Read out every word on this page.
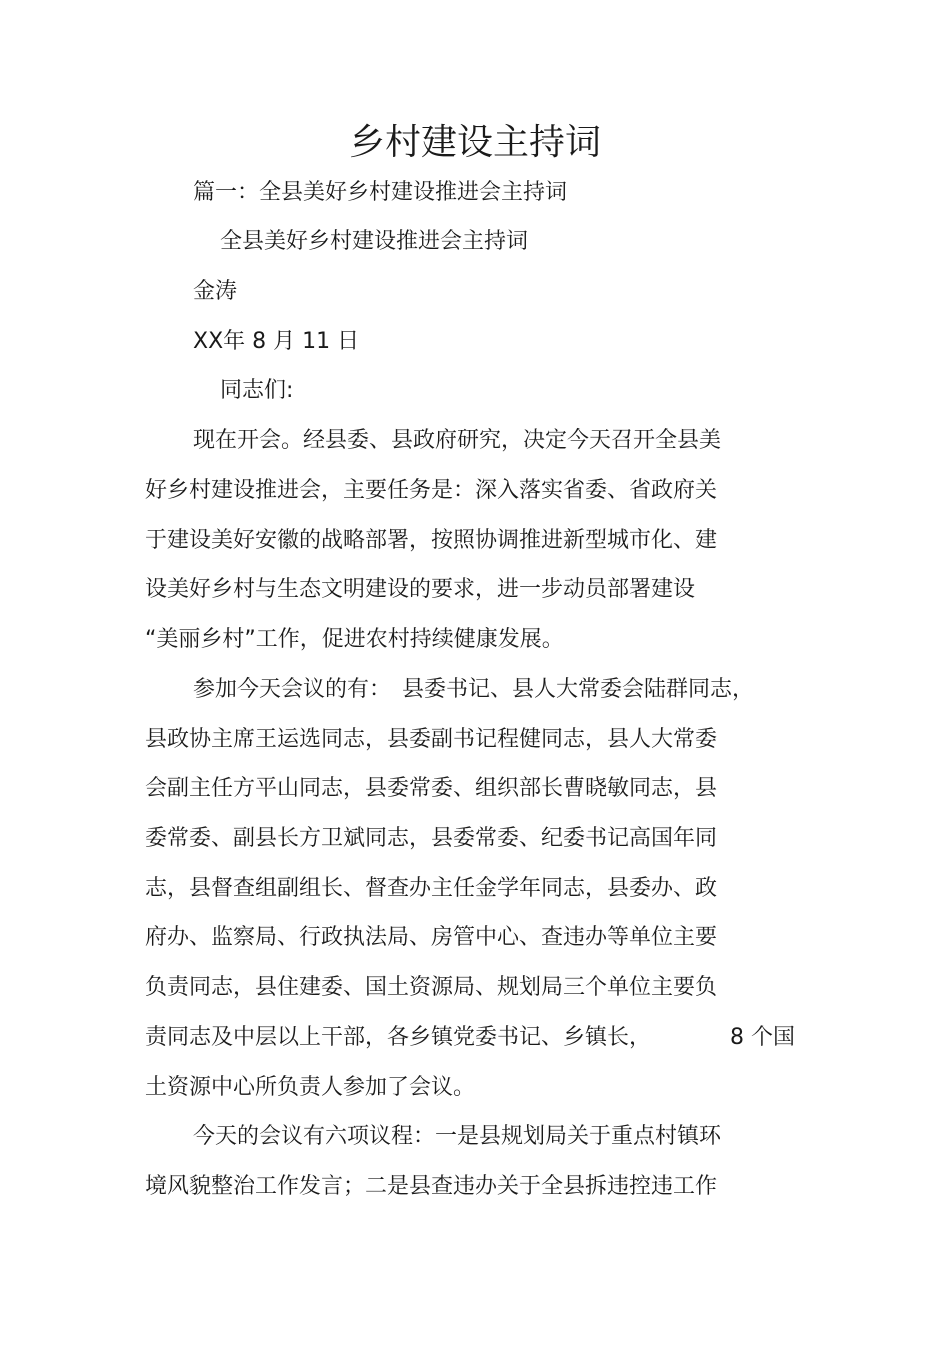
乡村建设主持词
篇一：全县美好乡村建设推进会主持词
全县美好乡村建设推进会主持词
金涛
XX年 8 月 11 日
同志们:
现在开会。经县委、县政府研究，决定今天召开全县美
好乡村建设推进会，主要任务是：深入落实省委、省政府关
于建设美好安徽的战略部署，按照协调推进新型城市化、建
设美好乡村与生态文明建设的要求，进一步动员部署建设
“美丽乡村”工作，促进农村持续健康发展。
参加今天会议的有：　县委书记、县人大常委会陆群同志，
县政协主席王运选同志，县委副书记程健同志，县人大常委
会副主任方平山同志，县委常委、组织部长曹晓敏同志，县
委常委、副县长方卫斌同志，县委常委、纪委书记高国年同
志，县督查组副组长、督查办主任金学年同志，县委办、政
府办、监察局、行政执法局、房管中心、查违办等单位主要
负责同志，县住建委、国土资源局、规划局三个单位主要负
责同志及中层以上干部，各乡镇党委书记、乡镇长，	8 个国
土资源中心所负责人参加了会议。
今天的会议有六项议程：一是县规划局关于重点村镇环
境风貌整治工作发言；二是县查违办关于全县拆违控违工作
